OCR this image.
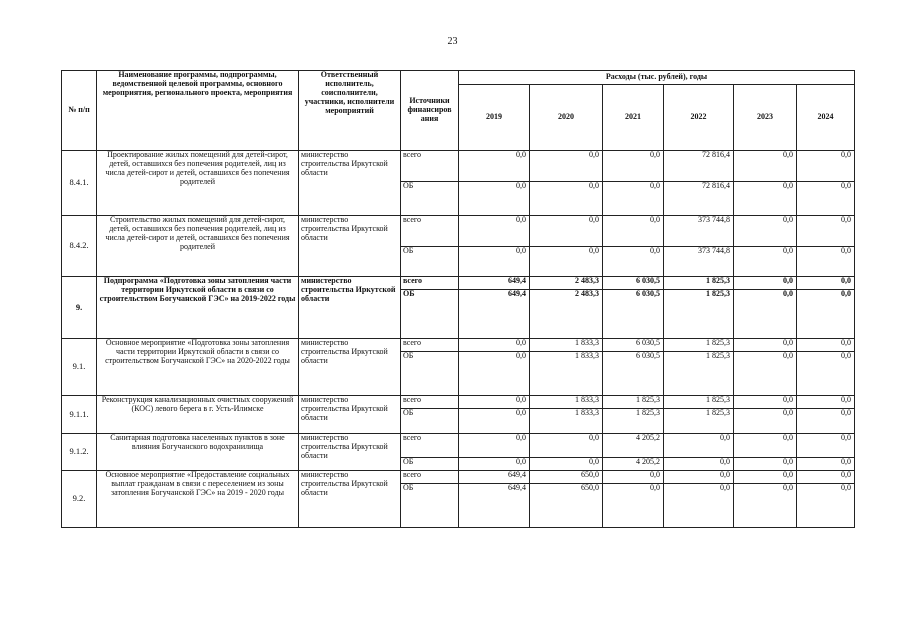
23
№ п/п	Наименование программы, подпрограммы, ведомственной целевой программы, основного мероприятия, регионального проекта, мероприятия	Ответственный исполнитель, соисполнители, участники, исполнители мероприятий	Источники финансиров ания	Расходы (тыс. рублей), годы					
				2019	2020	2021	2022	2023	2024
8.4.1.	Проектирование жилых помещений для детей-сирот, детей, оставшихся без попечения родителей, лиц из числа детей-сирот и детей, оставшихся без попечения родителей	министерство строительства Иркутской области	всего	0,0	0,0	0,0	72 816,4	0,0	0,0
			ОБ	0,0	0,0	0,0	72 816,4	0,0	0,0
8.4.2.	Строительство жилых помещений для детей-сирот, детей, оставшихся без попечения родителей, лиц из числа детей-сирот и детей, оставшихся без попечения родителей	министерство строительства Иркутской области	всего	0,0	0,0	0,0	373 744,8	0,0	0,0
			ОБ	0,0	0,0	0,0	373 744,8	0,0	0,0
9.	Подпрограмма «Подготовка зоны затопления части территории Иркутской области в связи со строительством Богучанской ГЭС» на 2019-2022 годы	министерство строительства Иркутской области	всего	649,4	2 483,3	6 030,5	1 825,3	0,0	0,0
			ОБ	649,4	2 483,3	6 030,5	1 825,3	0,0	0,0
9.1.	Основное мероприятие «Подготовка зоны затопления части территории Иркутской области в связи со строительством Богучанской ГЭС» на 2020-2022 годы	министерство строительства Иркутской области	всего	0,0	1 833,3	6 030,5	1 825,3	0,0	0,0
			ОБ	0,0	1 833,3	6 030,5	1 825,3	0,0	0,0
9.1.1.	Реконструкция канализационных очистных сооружений (КОС) левого берега в г. Усть-Илимске	министерство строительства Иркутской области	всего	0,0	1 833,3	1 825,3	1 825,3	0,0	0,0
			ОБ	0,0	1 833,3	1 825,3	1 825,3	0,0	0,0
9.1.2.	Санитарная подготовка населенных пунктов в зоне влияния Богучанского водохранилища	министерство строительства Иркутской области	всего	0,0	0,0	4 205,2	0,0	0,0	0,0
			ОБ	0,0	0,0	4 205,2	0,0	0,0	0,0
9.2.	Основное мероприятие «Предоставление социальных выплат гражданам в связи с переселением из зоны затопления Богучанской ГЭС» на 2019 - 2020 годы	министерство строительства Иркутской области	всего	649,4	650,0	0,0	0,0	0,0	0,0
			ОБ	649,4	650,0	0,0	0,0	0,0	0,0
